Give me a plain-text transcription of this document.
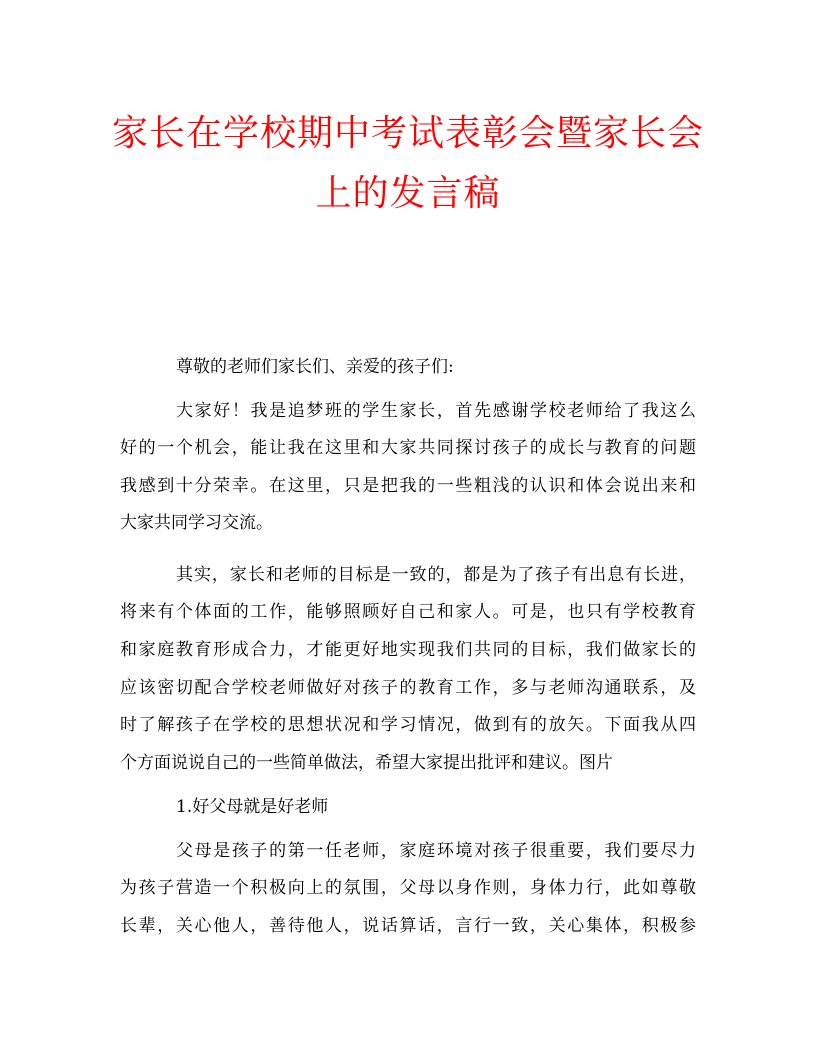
家长在学校期中考试表彰会暨家长会
上的发言稿
尊敬的老师们家长们、亲爱的孩子们:
大家好！我是追梦班的学生家长，首先感谢学校老师给了我这么
好的一个机会，能让我在这里和大家共同探讨孩子的成长与教育的问题
我感到十分荣幸。在这里，只是把我的一些粗浅的认识和体会说出来和
大家共同学习交流。
其实，家长和老师的目标是一致的，都是为了孩子有出息有长进，
将来有个体面的工作，能够照顾好自己和家人。可是，也只有学校教育
和家庭教育形成合力，才能更好地实现我们共同的目标，我们做家长的
应该密切配合学校老师做好对孩子的教育工作，多与老师沟通联系，及
时了解孩子在学校的思想状况和学习情况，做到有的放矢。下面我从四
个方面说说自己的一些简单做法，希望大家提出批评和建议。图片
1.好父母就是好老师
父母是孩子的第一任老师，家庭环境对孩子很重要，我们要尽力
为孩子营造一个积极向上的氛围，父母以身作则，身体力行，此如尊敬
长辈，关心他人，善待他人，说话算话，言行一致，关心集体，积极参
